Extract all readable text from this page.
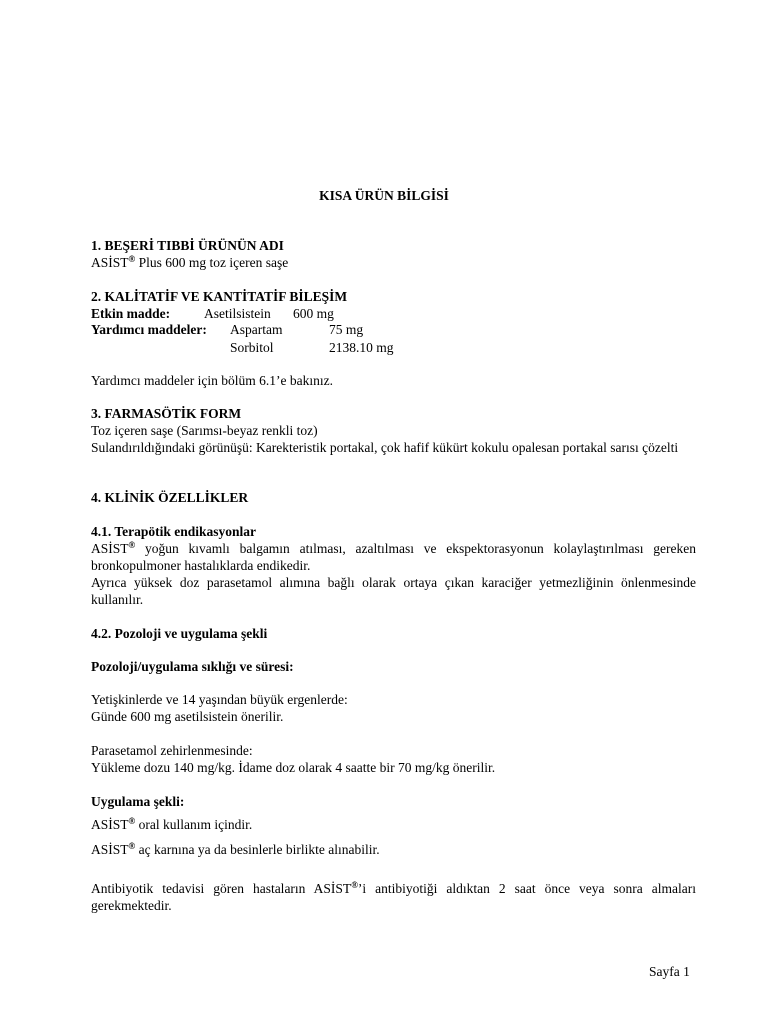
KISA ÜRÜN BİLGİSİ
1. BEŞERİ TIBBİ ÜRÜNÜN ADI
ASİST® Plus 600 mg toz içeren saşe
2. KALİTATİF VE KANTİTATİF BİLEŞİM
Etkin madde:	Asetilsistein 600 mg
Yardımcı maddeler: Aspartam	75 mg
Sorbitol	2138.10 mg
Yardımcı maddeler için bölüm 6.1’e bakınız.
3. FARMASÖTİK FORM
Toz içeren saşe (Sarımsı-beyaz renkli toz)
Sulandırıldığındaki görünüşü: Karekteristik portakal, çok hafif kükürt kokulu opalesan portakal sarısı çözelti
4. KLİNİK ÖZELLİKLER
4.1. Terapötik endikasyonlar
ASİST® yoğun kıvamlı balgamın atılması, azaltılması ve ekspektorasyonun kolaylaştırılması gereken bronkopulmoner hastalıklarda endikedir.
Ayrıca yüksek doz parasetamol alımına bağlı olarak ortaya çıkan karaciğer yetmezliğinin önlenmesinde kullanılır.
4.2. Pozoloji ve uygulama şekli
Pozoloji/uygulama sıklığı ve süresi:
Yetişkinlerde ve 14 yaşından büyük ergenlerde:
Günde 600 mg asetilsistein önerilir.
Parasetamol zehirlenmesinde:
Yükleme dozu 140 mg/kg. İdame doz olarak 4 saatte bir 70 mg/kg önerilir.
Uygulama şekli:
ASİST® oral kullanım içindir.
ASİST® aç karnına ya da besinlerle birlikte alınabilir.
Antibiyotik tedavisi gören hastaların ASİST®’i antibiyotiği aldıktan 2 saat önce veya sonra almaları gerekmektedir.
Sayfa 1
